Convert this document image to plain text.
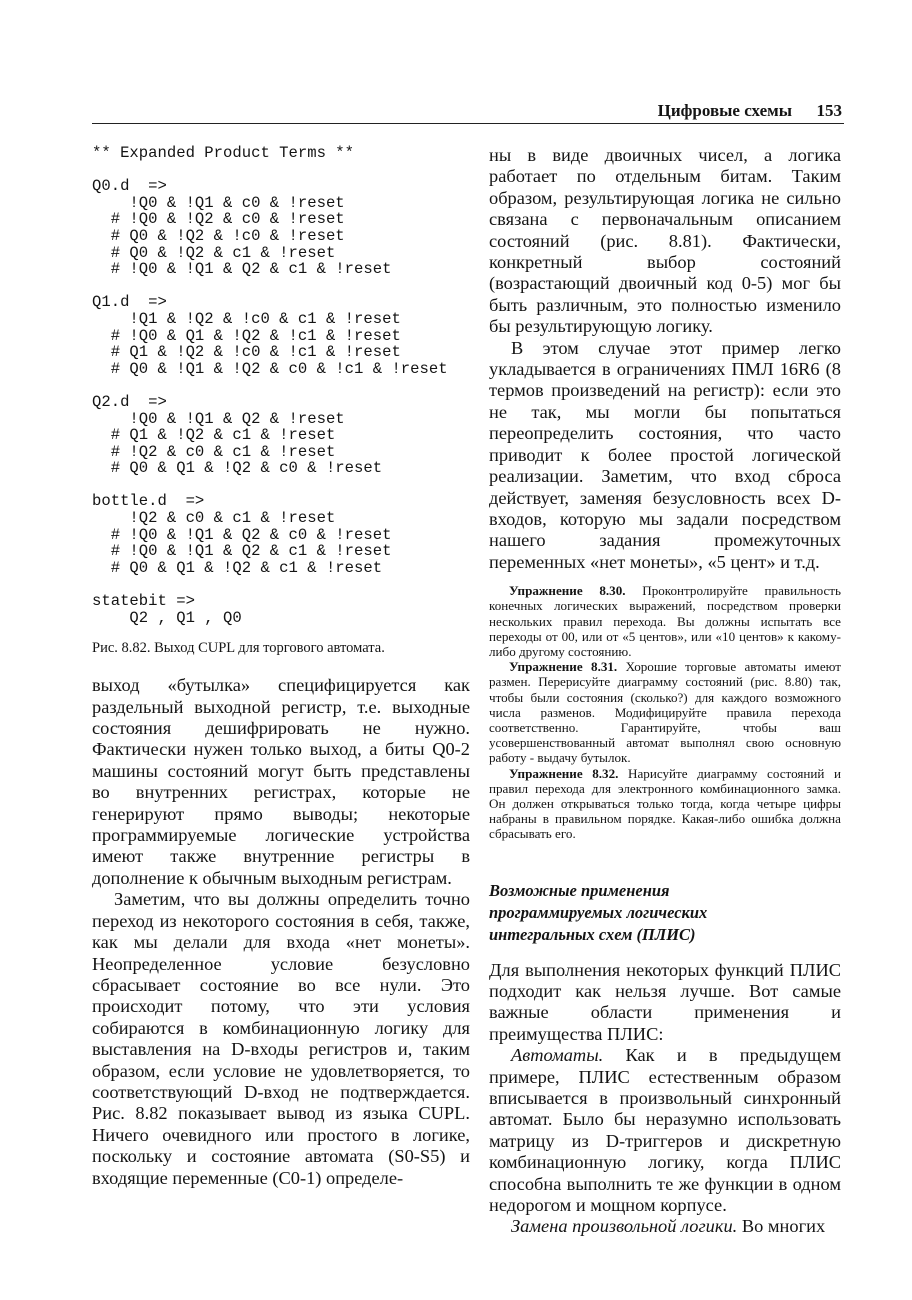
Цифровые схемы 153
** Expanded Product Terms **

Q0.d  =>
!Q0 & !Q1 & c0 & !reset
# !Q0 & !Q2 & c0 & !reset
# Q0 & !Q2 & !c0 & !reset
# Q0 & !Q2 & c1 & !reset
# !Q0 & !Q1 & Q2 & c1 & !reset

Q1.d  =>
!Q1 & !Q2 & !c0 & c1 & !reset
# !Q0 & Q1 & !Q2 & !c1 & !reset
# Q1 & !Q2 & !c0 & !c1 & !reset
# Q0 & !Q1 & !Q2 & c0 & !c1 & !reset

Q2.d  =>
!Q0 & !Q1 & Q2 & !reset
# Q1 & !Q2 & c1 & !reset
# !Q2 & c0 & c1 & !reset
# Q0 & Q1 & !Q2 & c0 & !reset

bottle.d  =>
!Q2 & c0 & c1 & !reset
# !Q0 & !Q1 & Q2 & c0 & !reset
# !Q0 & !Q1 & Q2 & c1 & !reset
# Q0 & Q1 & !Q2 & c1 & !reset

statebit =>
Q2 , Q1 , Q0
Рис. 8.82. Выход CUPL для торгового автомата.

выход «бутылка» специфицируется как раздельный выходной регистр, т.е. выходные состояния дешифрировать не нужно. Фактически нужен только выход, а биты Q0-2 машины состояний могут быть представлены во внутренних регистрах, которые не генерируют прямо выводы; некоторые программируемые логические устройства имеют также внутренние регистры в дополнение к обычным выходным регистрам.

Заметим, что вы должны определить точно переход из некоторого состояния в себя, также, как мы делали для входа «нет монеты». Неопределенное условие безусловно сбрасывает состояние во все нули. Это происходит потому, что эти условия собираются в комбинационную логику для выставления на D-входы регистров и, таким образом, если условие не удовлетворяется, то соответствующий D-вход не подтверждается. Рис. 8.82 показывает вывод из языка CUPL. Ничего очевидного или простого в логике, поскольку и состояние автомата (S0-S5) и входящие переменные (C0-1) определе-

ны в виде двоичных чисел, а логика работает по отдельным битам. Таким образом, результирующая логика не сильно связана с первоначальным описанием состояний (рис. 8.81). Фактически, конкретный выбор состояний (возрастающий двоичный код 0-5) мог бы быть различным, это полностью изменило бы результирующую логику.

В этом случае этот пример легко укладывается в ограничениях ПМЛ 16R6 (8 термов произведений на регистр): если это не так, мы могли бы попытаться переопределить состояния, что часто приводит к более простой логической реализации. Заметим, что вход сброса действует, заменяя безусловность всех D-входов, которую мы задали посредством нашего задания промежуточных переменных «нет монеты», «5 цент» и т.д.

Упражнение 8.30. Проконтролируйте правильность конечных логических выражений, посредством проверки нескольких правил перехода. Вы должны испытать все переходы от 00, или от «5 центов», или «10 центов» к какому-либо другому состоянию.

Упражнение 8.31. Хорошие торговые автоматы имеют размен. Перерисуйте диаграмму состояний (рис. 8.80) так, чтобы были состояния (сколько?) для каждого возможного числа разменов. Модифицируйте правила перехода соответственно. Гарантируйте, чтобы ваш усовершенствованный автомат выполнял свою основную работу - выдачу бутылок.

Упражнение 8.32. Нарисуйте диаграмму состояний и правил перехода для электронного комбинационного замка. Он должен открываться только тогда, когда четыре цифры набраны в правильном порядке. Какая-либо ошибка должна сбрасывать его.

Возможные применения
программируемых логических
интегральных схем (ПЛИС)

Для выполнения некоторых функций ПЛИС подходит как нельзя лучше. Вот самые важные области применения и преимущества ПЛИС:

Автоматы. Как и в предыдущем примере, ПЛИС естественным образом вписывается в произвольный синхронный автомат. Было бы неразумно использовать матрицу из D-триггеров и дискретную комбинационную логику, когда ПЛИС способна выполнить те же функции в одном недорогом и мощном корпусе.

Замена произвольной логики. Во многих
